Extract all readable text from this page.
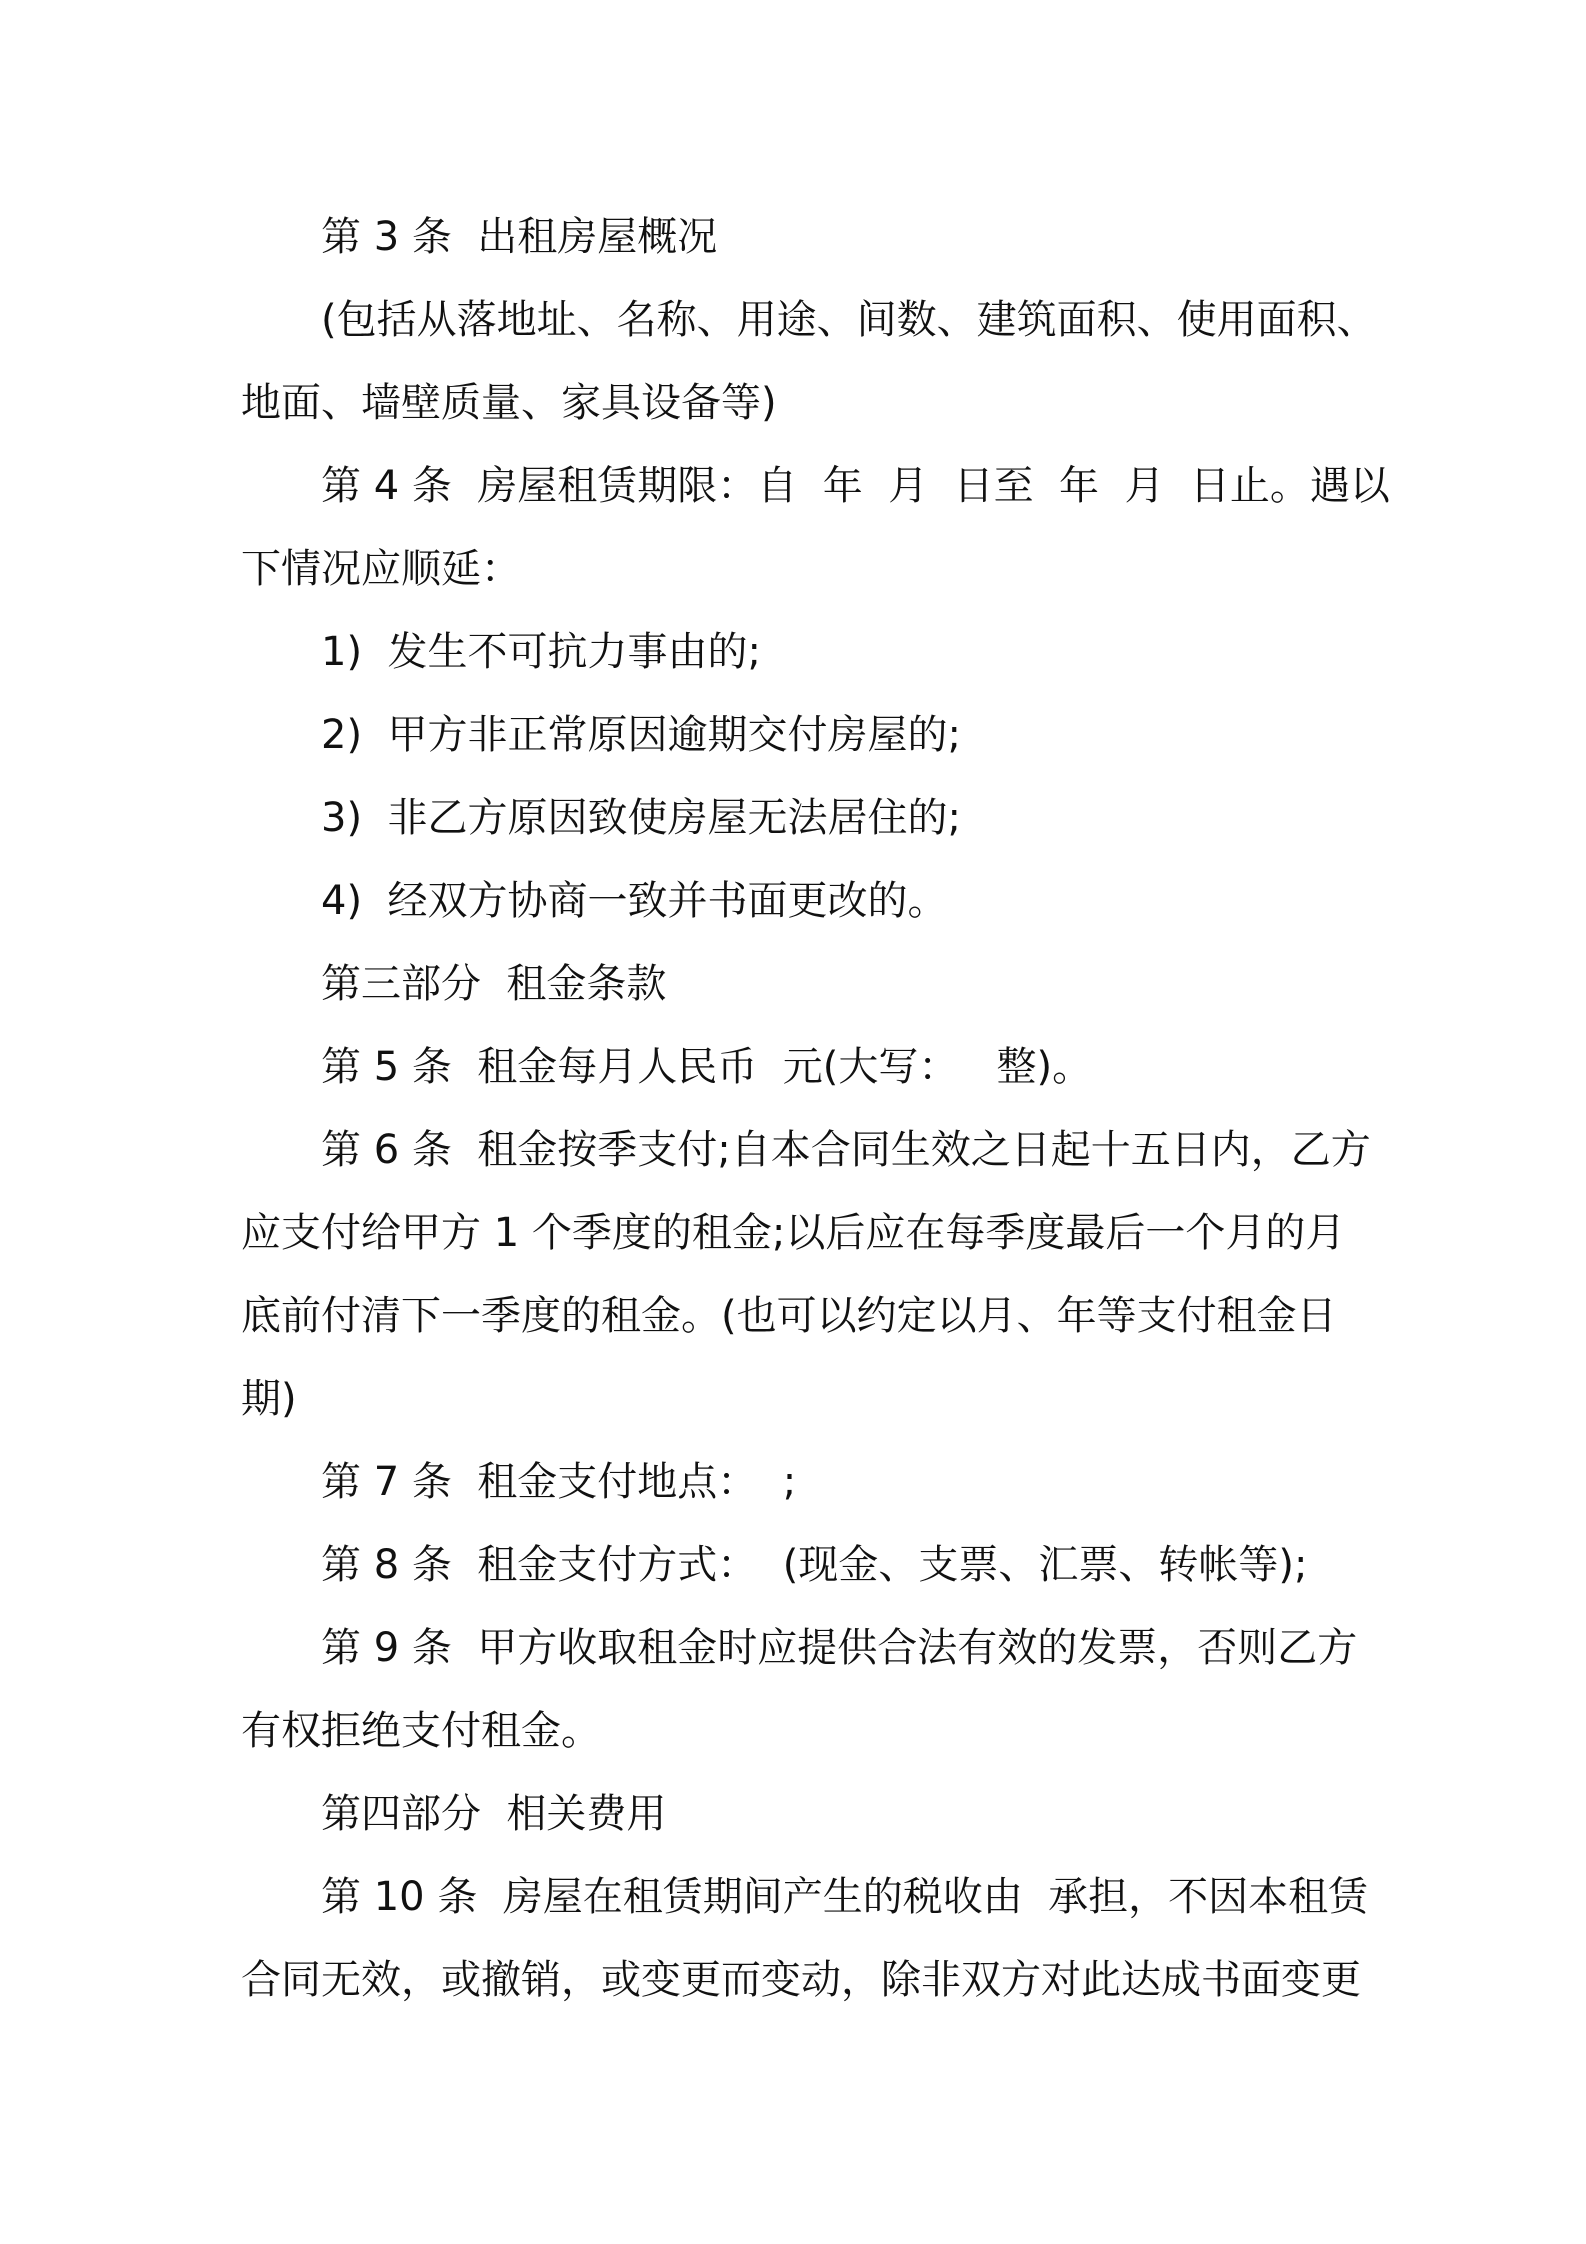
第 3 条  出租房屋概况
(包括从落地址、名称、用途、间数、建筑面积、使用面积、
地面、墙壁质量、家具设备等)
第 4 条  房屋租赁期限：自  年  月  日至  年  月  日止。遇以
下情况应顺延：
1)  发生不可抗力事由的;
2)  甲方非正常原因逾期交付房屋的;
3)  非乙方原因致使房屋无法居住的;
4)  经双方协商一致并书面更改的。
第三部分  租金条款
第 5 条  租金每月人民币  元(大写：   整)。
第 6 条  租金按季支付;自本合同生效之日起十五日内，乙方
应支付给甲方 1 个季度的租金;以后应在每季度最后一个月的月
底前付清下一季度的租金。(也可以约定以月、年等支付租金日
期)
第 7 条  租金支付地点：  ;
第 8 条  租金支付方式：  (现金、支票、汇票、转帐等);
第 9 条  甲方收取租金时应提供合法有效的发票，否则乙方
有权拒绝支付租金。
第四部分  相关费用
第 10 条  房屋在租赁期间产生的税收由  承担，不因本租赁
合同无效，或撤销，或变更而变动，除非双方对此达成书面变更
